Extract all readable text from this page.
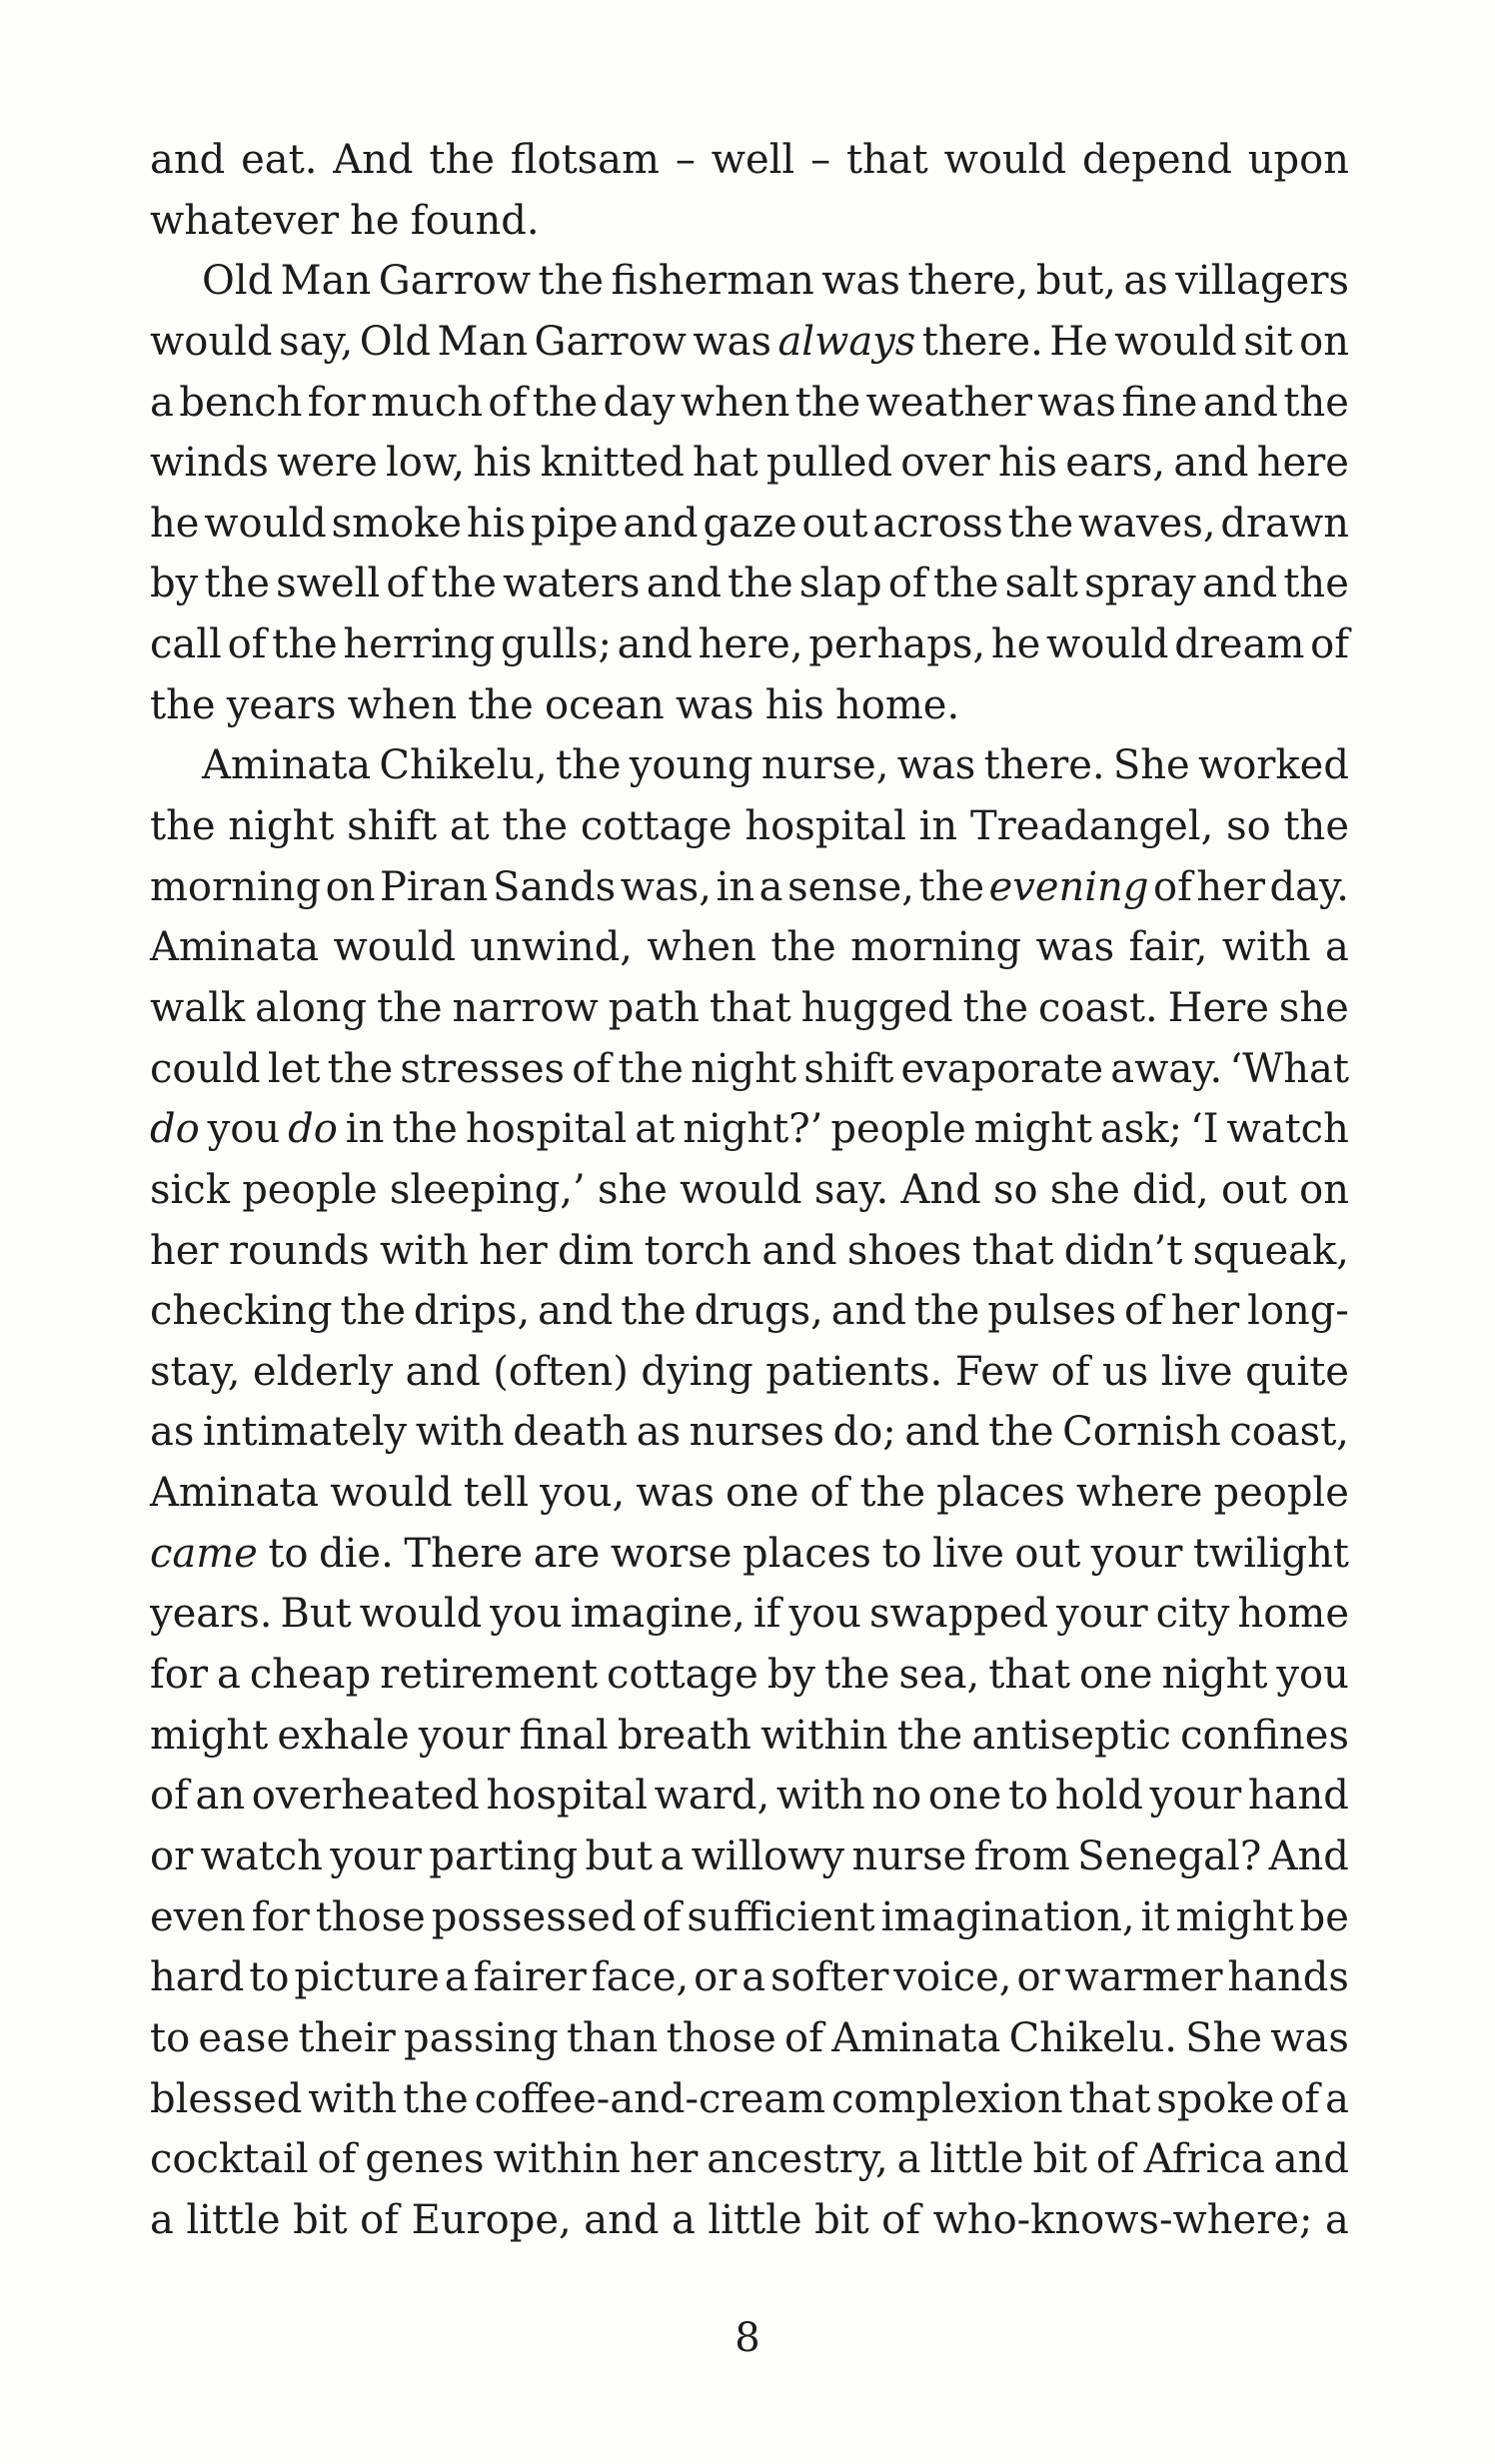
and eat. And the flotsam – well – that would depend upon
whatever he found.
Old Man Garrow the fisherman was there, but, as villagers
would say, Old Man Garrow was always there. He would sit on
a bench for much of the day when the weather was fine and the
winds were low, his knitted hat pulled over his ears, and here
he would smoke his pipe and gaze out across the waves, drawn
by the swell of the waters and the slap of the salt spray and the
call of the herring gulls; and here, perhaps, he would dream of
the years when the ocean was his home.
Aminata Chikelu, the young nurse, was there. She worked
the night shift at the cottage hospital in Treadangel, so the
morning on Piran Sands was, in a sense, the evening of her day.
Aminata would unwind, when the morning was fair, with a
walk along the narrow path that hugged the coast. Here she
could let the stresses of the night shift evaporate away. ‘What
do you do in the hospital at night?’ people might ask; ‘I watch
sick people sleeping,’ she would say. And so she did, out on
her rounds with her dim torch and shoes that didn’t squeak,
checking the drips, and the drugs, and the pulses of her long-
stay, elderly and (often) dying patients. Few of us live quite
as intimately with death as nurses do; and the Cornish coast,
Aminata would tell you, was one of the places where people
came to die. There are worse places to live out your twilight
years. But would you imagine, if you swapped your city home
for a cheap retirement cottage by the sea, that one night you
might exhale your final breath within the antiseptic confines
of an overheated hospital ward, with no one to hold your hand
or watch your parting but a willowy nurse from Senegal? And
even for those possessed of sufficient imagination, it might be
hard to picture a fairer face, or a softer voice, or warmer hands
to ease their passing than those of Aminata Chikelu. She was
blessed with the coffee-and-cream complexion that spoke of a
cocktail of genes within her ancestry, a little bit of Africa and
a little bit of Europe, and a little bit of who-knows-where; a
8
